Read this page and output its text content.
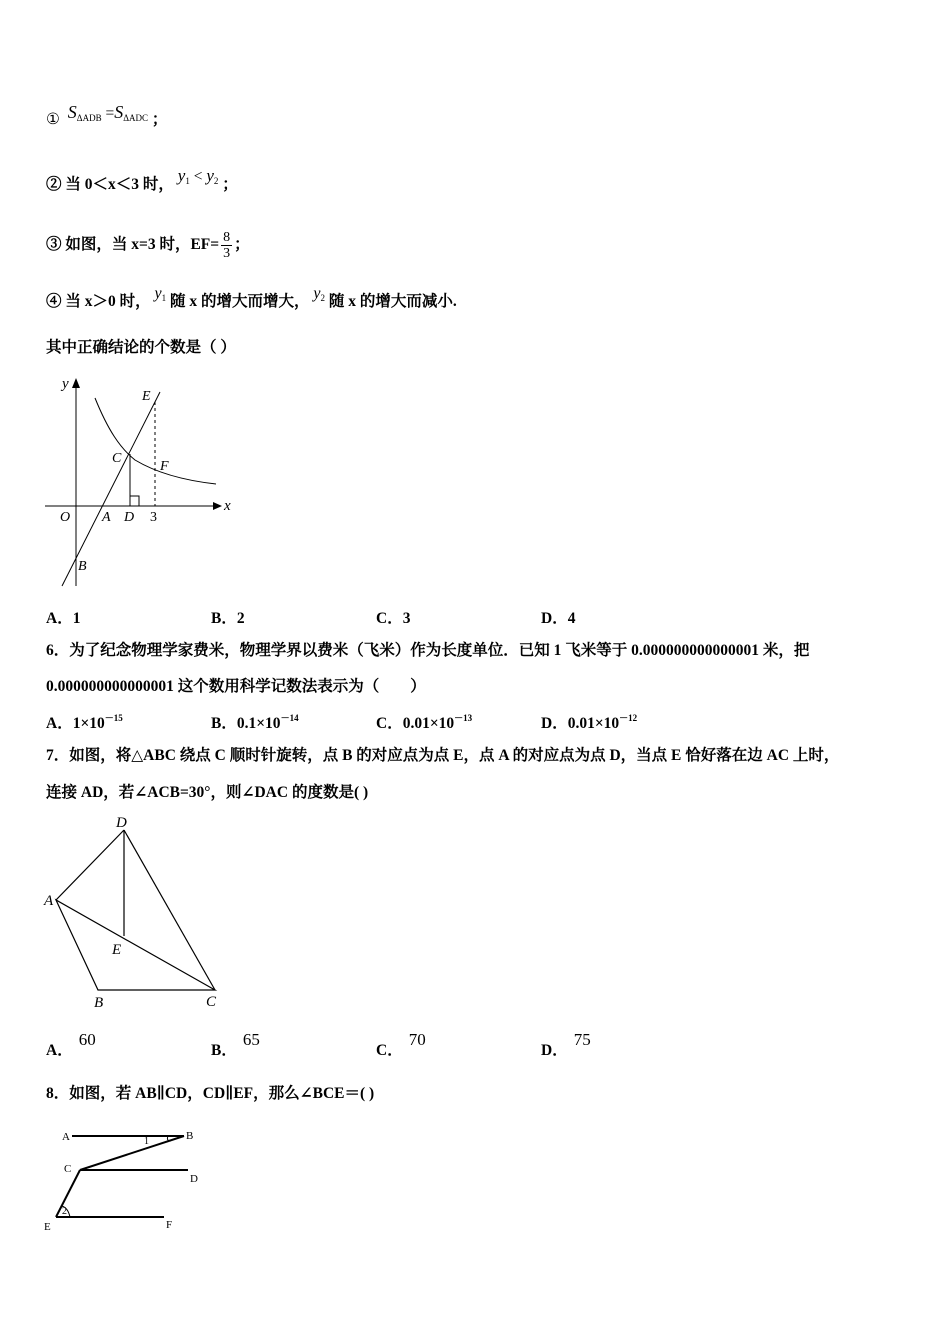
① $S_{\Delta ADB} =S_{\Delta ADC}$ ；
② 当 0＜x＜3 时， $y_1 < y_2$ ；
③ 如图，当 x=3 时，$EF= \frac{8}{3}$ ；
④ 当 x＞0 时， $y_1$ 随 x 的增大而增大， $y_2$ 随 x 的增大而减小.
其中正确结论的个数是（ ）
y
x
O A D 3
B
C
E
F
A．1	B．2	C．3	D．4
6．为了纪念物理学家费米，物理学界以费米（飞米）作为长度单位．已知 1 飞米等于 0.000000000000001 米，把
0.000000000000001 这个数用科学记数法表示为（　　）
A．$1\times 10^{-15}$	B．$0.1\times 10^{-14}$	C．$0.01\times 10^{-13}$	D．$0.01\times 10^{-12}$
7．如图，将△ABC 绕点 C 顺时针旋转，点 B 的对应点为点 E，点 A 的对应点为点 D，当点 E 恰好落在边 AC 上时，
连接 AD，若∠ACB=30°，则∠DAC 的度数是( )
D
A
E
B	C
A．60
B．65
C．70
D．75
8．如图，若 AB∥CD，CD∥EF，那么∠BCE＝( )
A	B
C
D
E	F
1
2
